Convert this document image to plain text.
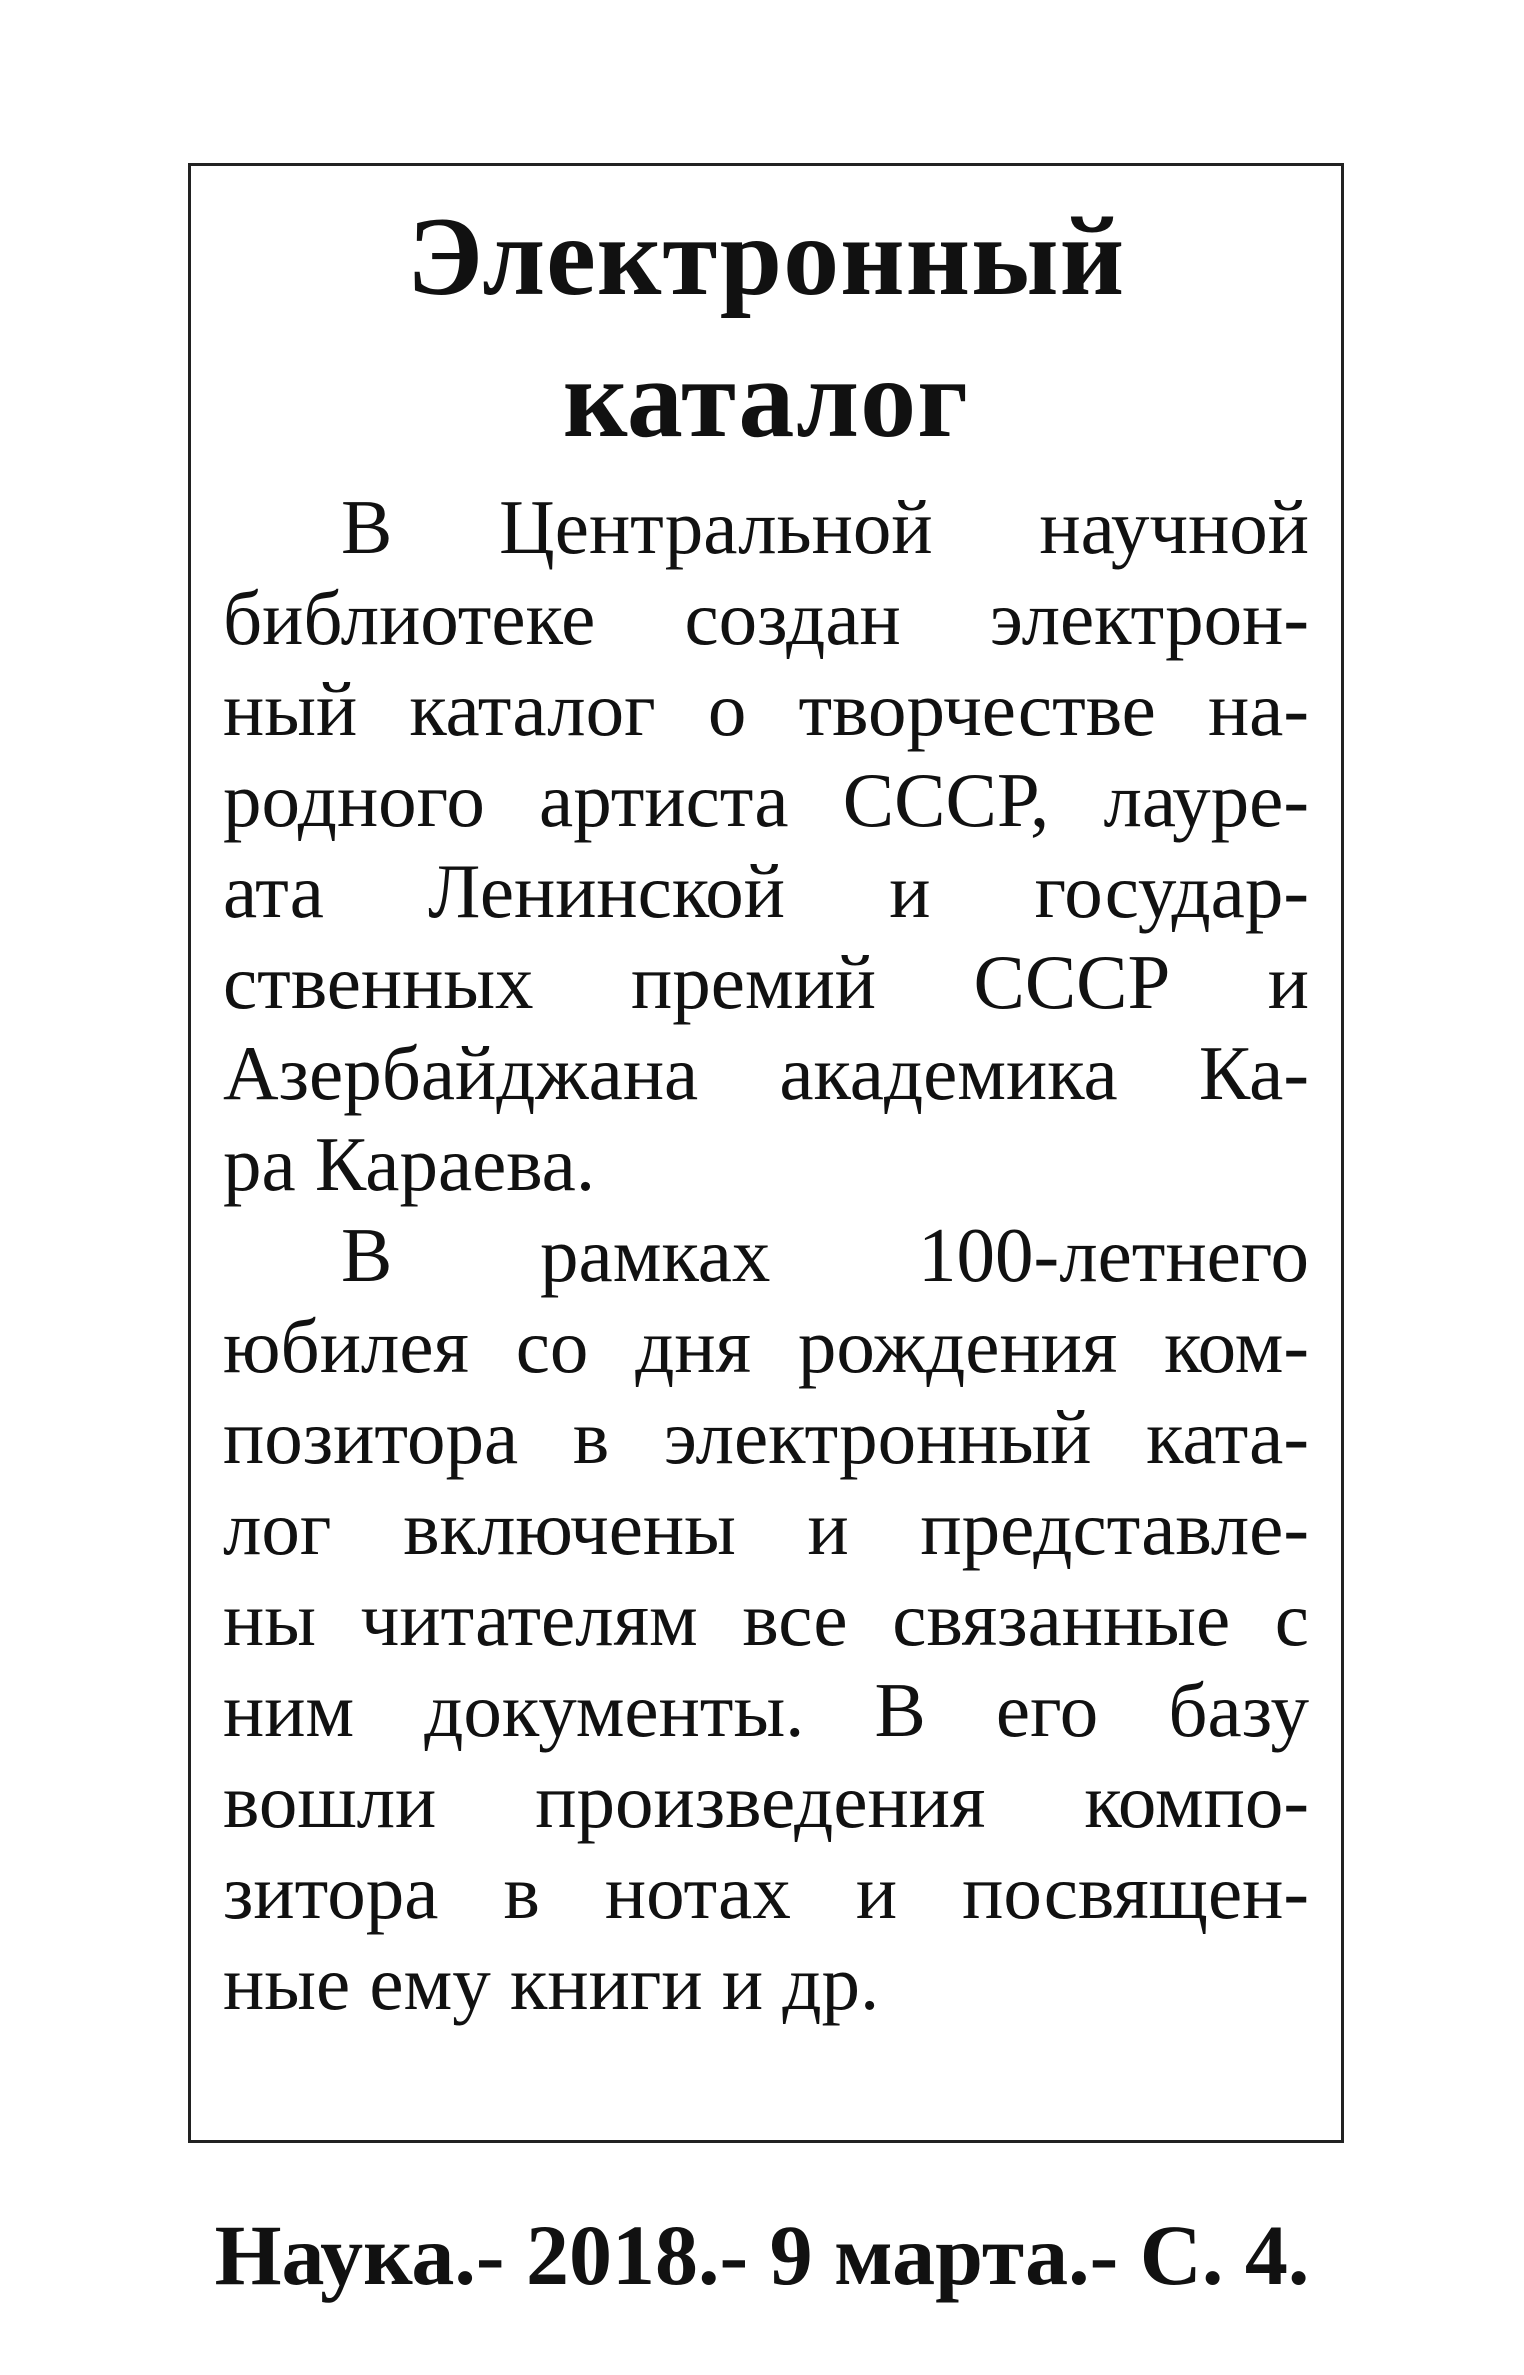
Электронный
каталог

В Центральной научной
библиотеке создан электрон-
ный каталог о творчестве на-
родного артиста СССР, лауре-
ата Ленинской и государ-
ственных премий СССР и
Азербайджана академика Ка-
ра Караева.

В рамках 100-летнего
юбилея со дня рождения ком-
позитора в электронный ката-
лог включены и представле-
ны читателям все связанные с
ним документы. В его базу
вошли произведения компо-
зитора в нотах и посвящен-
ные ему книги и др.

Наука.- 2018.- 9 марта.- С. 4.
